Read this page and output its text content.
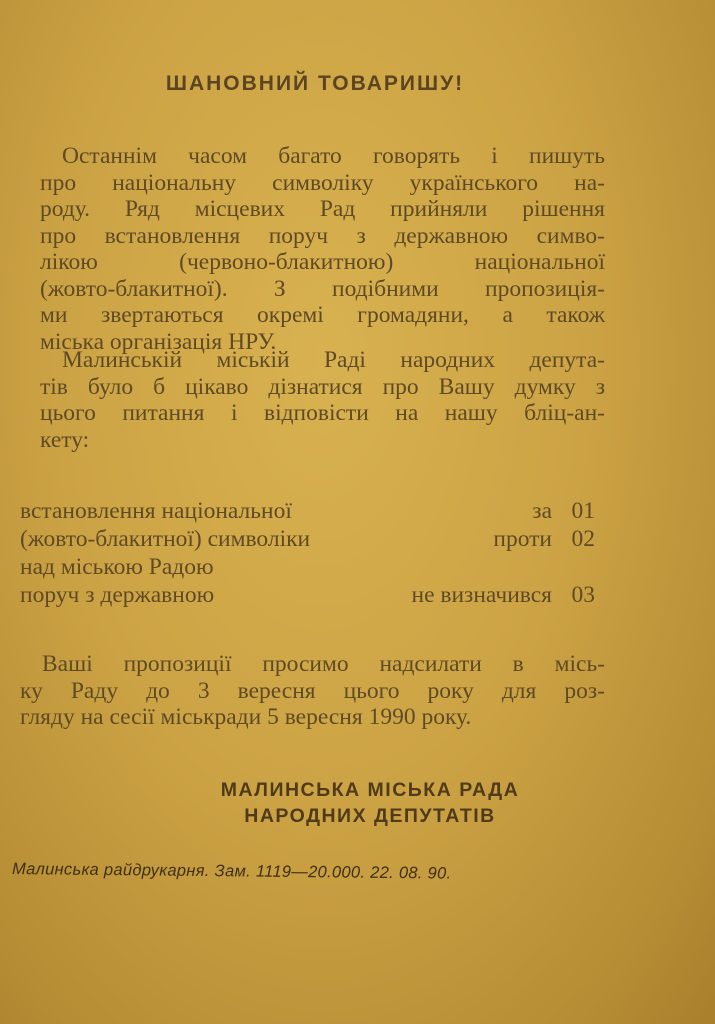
ШАНОВНИЙ ТОВАРИШУ!
Останнім часом багато говорять і пишуть
про національну символіку українського на-
роду. Ряд місцевих Рад прийняли рішення
про встановлення поруч з державною симво-
лікою (червоно-блакитною) національної
(жовто-блакитної). З подібними пропозиція-
ми звертаються окремі громадяни, а також
міська організація НРУ.
Малинській міській Раді народних депута-
тів було б цікаво дізнатися про Вашу думку з
цього питання і відповісти на нашу бліц-ан-
кету:
встановлення національної	за 01
(жовто-блакитної) символіки	проти 02
над міською Радою
поруч з державною	не визначився 03
Ваші пропозиції просимо надсилати в місь-
ку Раду до 3 вересня цього року для роз-
гляду на сесії міськради 5 вересня 1990 року.
МАЛИНСЬКА МІСЬКА РАДА
НАРОДНИХ ДЕПУТАТІВ
Малинська райдрукарня. Зам. 1119—20.000. 22. 08. 90.
